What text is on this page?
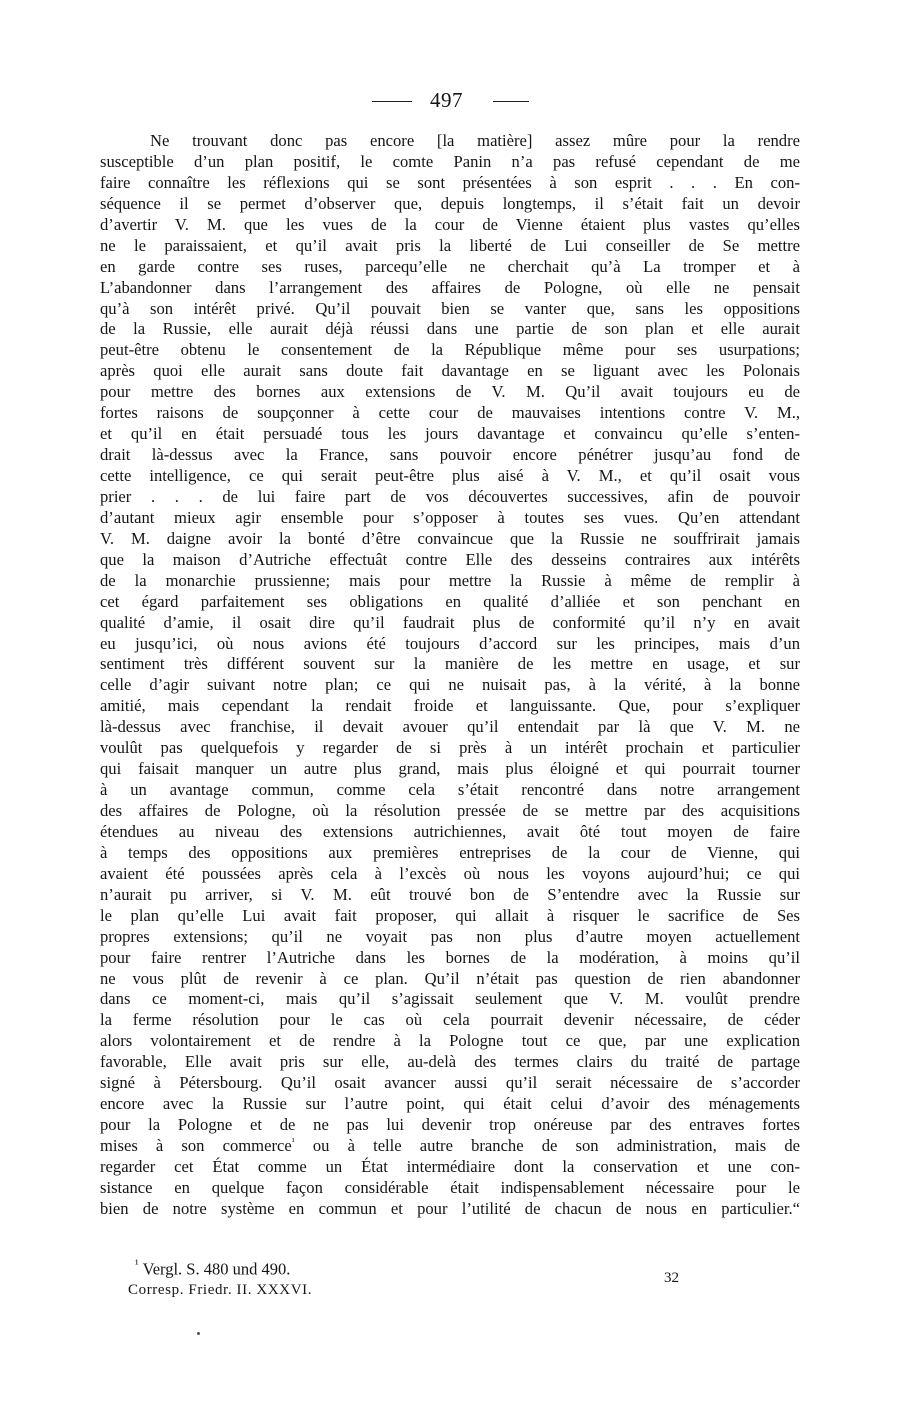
497
Ne trouvant donc pas encore [la matière] assez mûre pour la rendre
susceptible d’un plan positif, le comte Panin n’a pas refusé cependant de me
faire connaître les réflexions qui se sont présentées à son esprit . . . En con-
séquence il se permet d’observer que, depuis longtemps, il s’était fait un devoir
d’avertir V. M. que les vues de la cour de Vienne étaient plus vastes qu’elles
ne le paraissaient, et qu’il avait pris la liberté de Lui conseiller de Se mettre
en garde contre ses ruses, parcequ’elle ne cherchait qu’à La tromper et à
L’abandonner dans l’arrangement des affaires de Pologne, où elle ne pensait
qu’à son intérêt privé. Qu’il pouvait bien se vanter que, sans les oppositions
de la Russie, elle aurait déjà réussi dans une partie de son plan et elle aurait
peut-être obtenu le consentement de la République même pour ses usurpations;
après quoi elle aurait sans doute fait davantage en se liguant avec les Polonais
pour mettre des bornes aux extensions de V. M. Qu’il avait toujours eu de
fortes raisons de soupçonner à cette cour de mauvaises intentions contre V. M.,
et qu’il en était persuadé tous les jours davantage et convaincu qu’elle s’enten-
drait là-dessus avec la France, sans pouvoir encore pénétrer jusqu’au fond de
cette intelligence, ce qui serait peut-être plus aisé à V. M., et qu’il osait vous
prier . . . de lui faire part de vos découvertes successives, afin de pouvoir
d’autant mieux agir ensemble pour s’opposer à toutes ses vues. Qu’en attendant
V. M. daigne avoir la bonté d’être convaincue que la Russie ne souffrirait jamais
que la maison d’Autriche effectuât contre Elle des desseins contraires aux intérêts
de la monarchie prussienne; mais pour mettre la Russie à même de remplir à
cet égard parfaitement ses obligations en qualité d’alliée et son penchant en
qualité d’amie, il osait dire qu’il faudrait plus de conformité qu’il n’y en avait
eu jusqu’ici, où nous avions été toujours d’accord sur les principes, mais d’un
sentiment très différent souvent sur la manière de les mettre en usage, et sur
celle d’agir suivant notre plan; ce qui ne nuisait pas, à la vérité, à la bonne
amitié, mais cependant la rendait froide et languissante. Que, pour s’expliquer
là-dessus avec franchise, il devait avouer qu’il entendait par là que V. M. ne
voulût pas quelquefois y regarder de si près à un intérêt prochain et particulier
qui faisait manquer un autre plus grand, mais plus éloigné et qui pourrait tourner
à un avantage commun, comme cela s’était rencontré dans notre arrangement
des affaires de Pologne, où la résolution pressée de se mettre par des acquisitions
étendues au niveau des extensions autrichiennes, avait ôté tout moyen de faire
à temps des oppositions aux premières entreprises de la cour de Vienne, qui
avaient été poussées après cela à l’excès où nous les voyons aujourd’hui; ce qui
n’aurait pu arriver, si V. M. eût trouvé bon de S’entendre avec la Russie sur
le plan qu’elle Lui avait fait proposer, qui allait à risquer le sacrifice de Ses
propres extensions; qu’il ne voyait pas non plus d’autre moyen actuellement
pour faire rentrer l’Autriche dans les bornes de la modération, à moins qu’il
ne vous plût de revenir à ce plan. Qu’il n’était pas question de rien abandonner
dans ce moment-ci, mais qu’il s’agissait seulement que V. M. voulût prendre
la ferme résolution pour le cas où cela pourrait devenir nécessaire, de céder
alors volontairement et de rendre à la Pologne tout ce que, par une explication
favorable, Elle avait pris sur elle, au-delà des termes clairs du traité de partage
signé à Pétersbourg. Qu’il osait avancer aussi qu’il serait nécessaire de s’accorder
encore avec la Russie sur l’autre point, qui était celui d’avoir des ménagements
pour la Pologne et de ne pas lui devenir trop onéreuse par des entraves fortes
mises à son commerce$^{^1}$ ou à telle autre branche de son administration, mais de
regarder cet État comme un État intermédiaire dont la conservation et une con-
sistance en quelque façon considérable était indispensablement nécessaire pour le
bien de notre système en commun et pour l’utilité de chacun de nous en particulier.“
$^{^1}$ Vergl. S. 480 und 490.
Corresp. Friedr. II. XXXVI.
32
